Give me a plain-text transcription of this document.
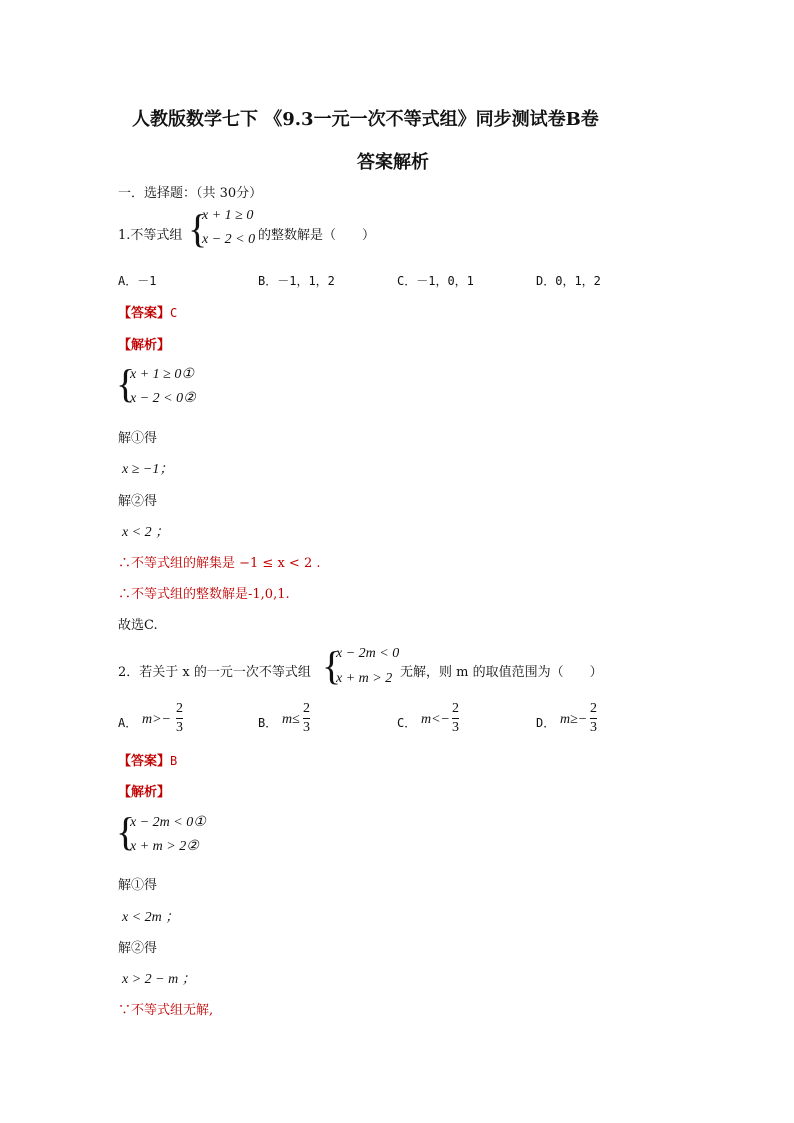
人教版数学七下 《9.3一元一次不等式组》同步测试卷B卷
答案解析
一．选择题：（共 30分）
1.不等式组 {
x + 1 ≥ 0
x − 2 < 0 的整数解是（　　）
A．－1	B．－1，1，2	C．－1，0，1	D．0，1，2
【答案】C
【解析】
{
x + 1 ≥ 0①
x − 2 < 0②
解①得
x ≥ −1；
解②得
x < 2 ；
∴不等式组的解集是 −1 ≤ x < 2 .
∴不等式组的整数解是-1,0,1.
故选C.
2．若关于 x 的一元一次不等式组 {
x − 2m < 0
x + m > 2 无解，则 m 的取值范围为（　　）
A． m>−
2
3	B． m≤
2
3	C． m<−
2
3	D． m≥−
2
3
【答案】B
【解析】
{
x − 2m < 0①
x + m > 2②
解①得
x < 2m ；
解②得
x > 2 − m ；
∵不等式组无解,
